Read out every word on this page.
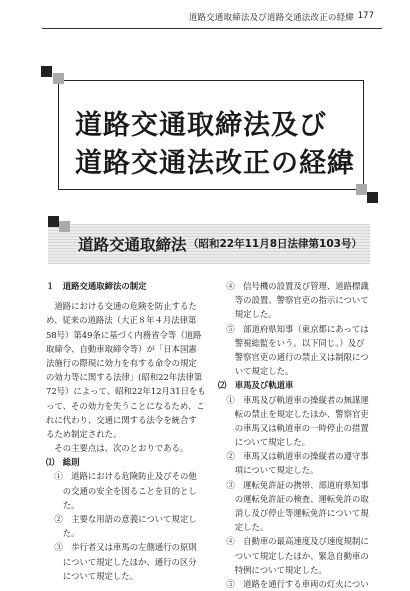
道路交通取締法及び道路交通法改正の経緯 177
道路交通取締法及び
道路交通法改正の経緯
道路交通取締法 （昭和22年11月8日法律第103号）
１　道路交通取締法の制定
　道路における交通の危険を防止するた
め、従来の道路法（大正８年４月法律第
58号）第49条に基づく内務省令等（道路
取締令、自動車取締令等）が「日本国憲
法施行の際現に効力を有する命令の規定
の効力等に関する法律」(昭和22年法律第
72号）によって、昭和22年12月31日をも
って、その効力を失うことになるため、こ
れに代わり、交通に関する法令を統合す
るため制定された。
　その主要点は、次のとおりである。
⑴　総則
　①　道路における危険防止及びその他
　　の交通の安全を図ることを目的とし
　　た。
　②　主要な用語の意義について規定し
　　た。
　③　歩行者又は車馬の左側通行の原則
　　について規定したほか、通行の区分
　　について規定した。
　④　信号機の設置及び管理、道路標識
　　等の設置、警察官吏の指示について
　　規定した。
　⑤　部道府県知事（東京都にあっては
　　警視総監をいう。以下同じ。）及び
　　警察官吏の通行の禁止又は制限につ
　　いて規定した。
⑵　車馬及び軌道車
　①　車馬及び軌道車の操縦者の無謀運
　　転の禁止を規定したほか、警察官吏
　　の車馬又は軌道車の一時停止の措置
　　について規定した。
　②　車馬又は軌道車の操縦者の遵守事
　　項について規定した。
　③　運転免許証の携帯、部道府県知事
　　の運転免許証の検査、運転免許の取
　　消し及び停止等運転免許について規
　　定した。
　④　自動車の最高速度及び速度規制に
　　ついて規定したほか、緊急自動車の
　　特例について規定した。
　⑤　道路を通行する車両の灯火につい
